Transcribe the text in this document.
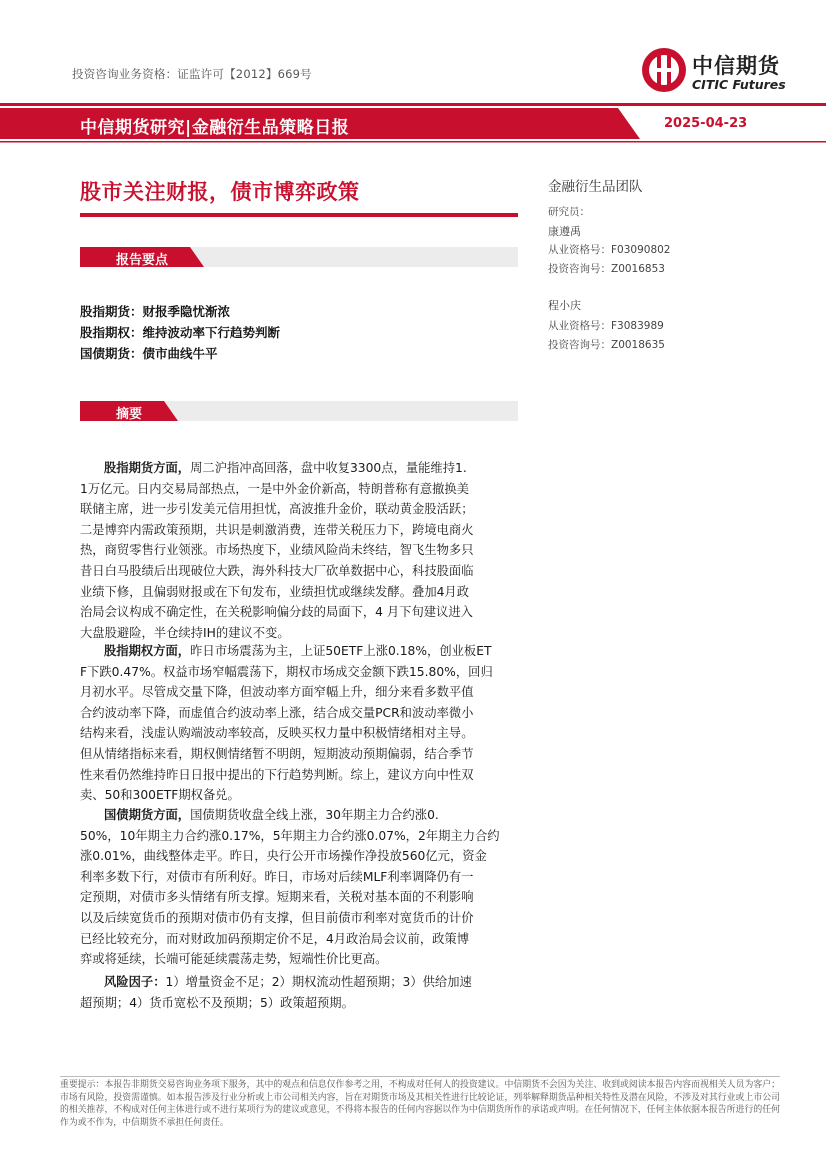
投资咨询业务资格：证监许可【2012】669号	中信期货
CITIC Futures
中信期货研究|金融衍生品策略日报	2025-04-23
股市关注财报，债市博弈政策	金融衍生品团队
研究员：
康遵禹
从业资格号：F03090802
投资咨询号：Z0016853
程小庆
从业资格号：F3083989
投资咨询号：Z0018635
报告要点
股指期货：财报季隐忧渐浓
股指期权：维持波动率下行趋势判断
国债期货：债市曲线牛平
摘要
股指期货方面，周二沪指冲高回落，盘中收复3300点，量能维持1.
1万亿元。日内交易局部热点，一是中外金价新高，特朗普称有意撤换美
联储主席，进一步引发美元信用担忧，高波推升金价，联动黄金股活跃；
二是博弈内需政策预期，共识是刺激消费，连带关税压力下，跨境电商火
热，商贸零售行业领涨。市场热度下，业绩风险尚未终结，智飞生物多只
昔日白马股绩后出现破位大跌，海外科技大厂砍单数据中心，科技股面临
业绩下修，且偏弱财报或在下旬发布，业绩担忧或继续发酵。叠加4月政
治局会议构成不确定性，在关税影响偏分歧的局面下，4 月下旬建议进入
大盘股避险，半仓续持IH的建议不变。
股指期权方面，昨日市场震荡为主，上证50ETF上涨0.18%，创业板ET
F下跌0.47%。权益市场窄幅震荡下，期权市场成交金额下跌15.80%，回归
月初水平。尽管成交量下降，但波动率方面窄幅上升，细分来看多数平值
合约波动率下降，而虚值合约波动率上涨，结合成交量PCR和波动率微小
结构来看，浅虚认购端波动率较高，反映买权力量中积极情绪相对主导。
但从情绪指标来看，期权侧情绪暂不明朗，短期波动预期偏弱，结合季节
性来看仍然维持昨日日报中提出的下行趋势判断。综上，建议方向中性双
卖、50和300ETF期权备兑。
国债期货方面，国债期货收盘全线上涨，30年期主力合约涨0.
50%，10年期主力合约涨0.17%，5年期主力合约涨0.07%，2年期主力合约
涨0.01%，曲线整体走平。昨日，央行公开市场操作净投放560亿元，资金
利率多数下行，对债市有所利好。昨日，市场对后续MLF利率调降仍有一
定预期，对债市多头情绪有所支撑。短期来看，关税对基本面的不利影响
以及后续宽货币的预期对债市仍有支撑，但目前债市利率对宽货币的计价
已经比较充分，而对财政加码预期定价不足，4月政治局会议前，政策博
弈或将延续，长端可能延续震荡走势，短端性价比更高。
风险因子：1）增量资金不足；2）期权流动性超预期；3）供给加速
超预期；4）货币宽松不及预期；5）政策超预期。
重要提示：本报告非期货交易咨询业务项下服务，其中的观点和信息仅作参考之用，不构成对任何人的投资建议。中信期货不会因为关注、收到或阅读本报告内容而视相关人员为客户；市场有风险，投资需谨慎。如本报告涉及行业分析或上市公司相关内容，旨在对期货市场及其相关性进行比较论证，列举解释期货品种相关特性及潜在风险，不涉及对其行业或上市公司的相关推荐，不构成对任何主体进行或不进行某项行为的建议或意见，不得将本报告的任何内容据以作为中信期货所作的承诺或声明。在任何情况下，任何主体依据本报告所进行的任何作为或不作为，中信期货不承担任何责任。
